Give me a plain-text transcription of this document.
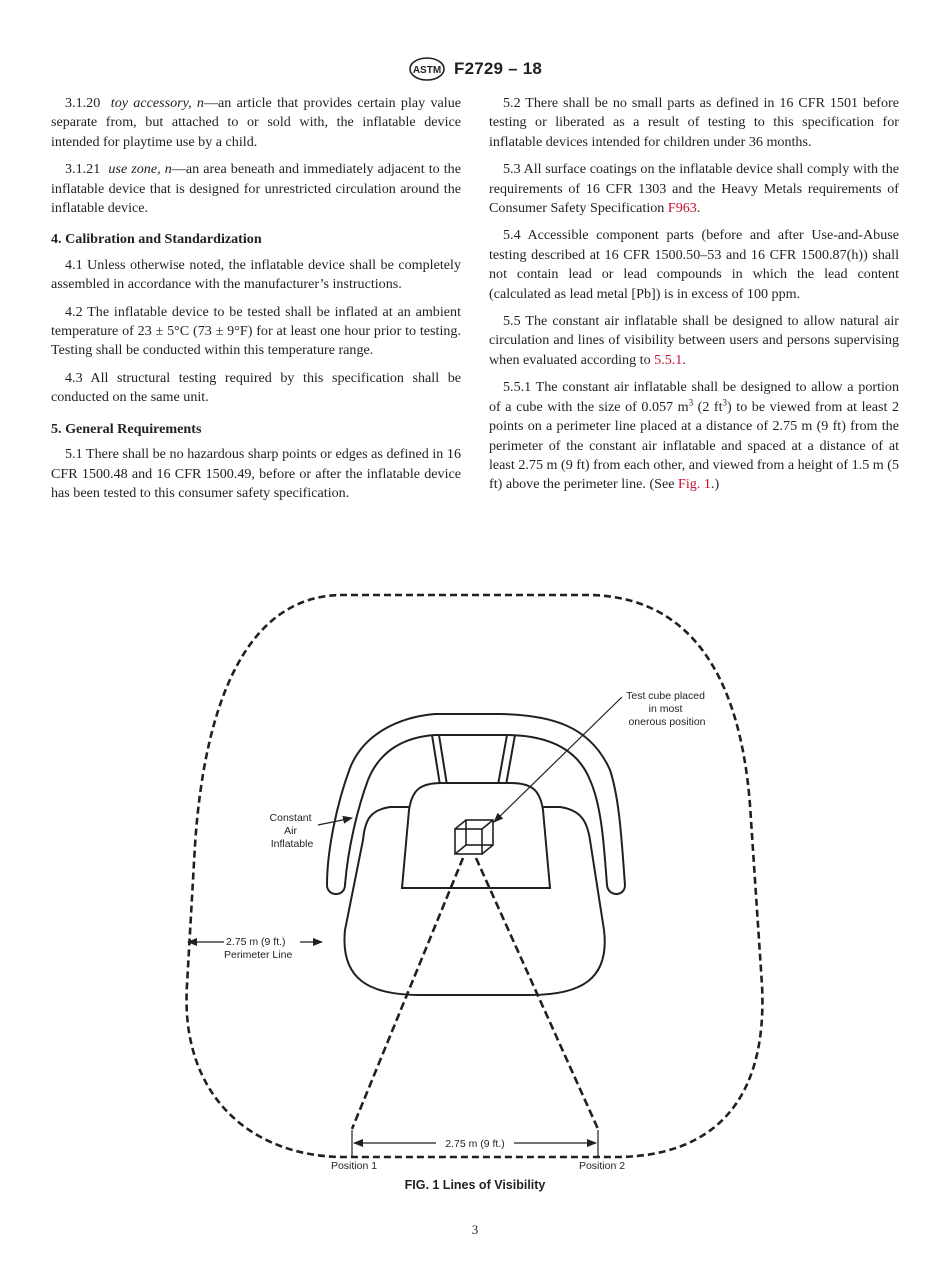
ASTM F2729 – 18

3.1.20 toy accessory, n—an article that provides certain play value separate from, but attached to or sold with, the inflatable device intended for playtime use by a child.

3.1.21 use zone, n—an area beneath and immediately adjacent to the inflatable device that is designed for unrestricted circulation around the inflatable device.

4. Calibration and Standardization

4.1 Unless otherwise noted, the inflatable device shall be completely assembled in accordance with the manufacturer’s instructions.

4.2 The inflatable device to be tested shall be inflated at an ambient temperature of 23 ± 5°C (73 ± 9°F) for at least one hour prior to testing. Testing shall be conducted within this temperature range.

4.3 All structural testing required by this specification shall be conducted on the same unit.

5. General Requirements

5.1 There shall be no hazardous sharp points or edges as defined in 16 CFR 1500.48 and 16 CFR 1500.49, before or after the inflatable device has been tested to this consumer safety specification.

5.2 There shall be no small parts as defined in 16 CFR 1501 before testing or liberated as a result of testing to this specification for inflatable devices intended for children under 36 months.

5.3 All surface coatings on the inflatable device shall comply with the requirements of 16 CFR 1303 and the Heavy Metals requirements of Consumer Safety Specification F963.

5.4 Accessible component parts (before and after Use-and-Abuse testing described at 16 CFR 1500.50–53 and 16 CFR 1500.87(h)) shall not contain lead or lead compounds in which the lead content (calculated as lead metal [Pb]) is in excess of 100 ppm.

5.5 The constant air inflatable shall be designed to allow natural air circulation and lines of visibility between users and persons supervising when evaluated according to 5.5.1.

5.5.1 The constant air inflatable shall be designed to allow a portion of a cube with the size of 0.057 $m^3$ (2 $ft^3$) to be viewed from at least 2 points on a perimeter line placed at a distance of 2.75 m (9 ft) from the perimeter of the constant air inflatable and spaced at a distance of at least 2.75 m (9 ft) from each other, and viewed from a height of 1.5 m (5 ft) above the perimeter line. (See Fig. 1.)

Test cube placed in most onerous position
Constant Air Inflatable
2.75 m (9 ft.) Perimeter Line
2.75 m (9 ft.)
Position 1	Position 2
FIG. 1 Lines of Visibility
3
